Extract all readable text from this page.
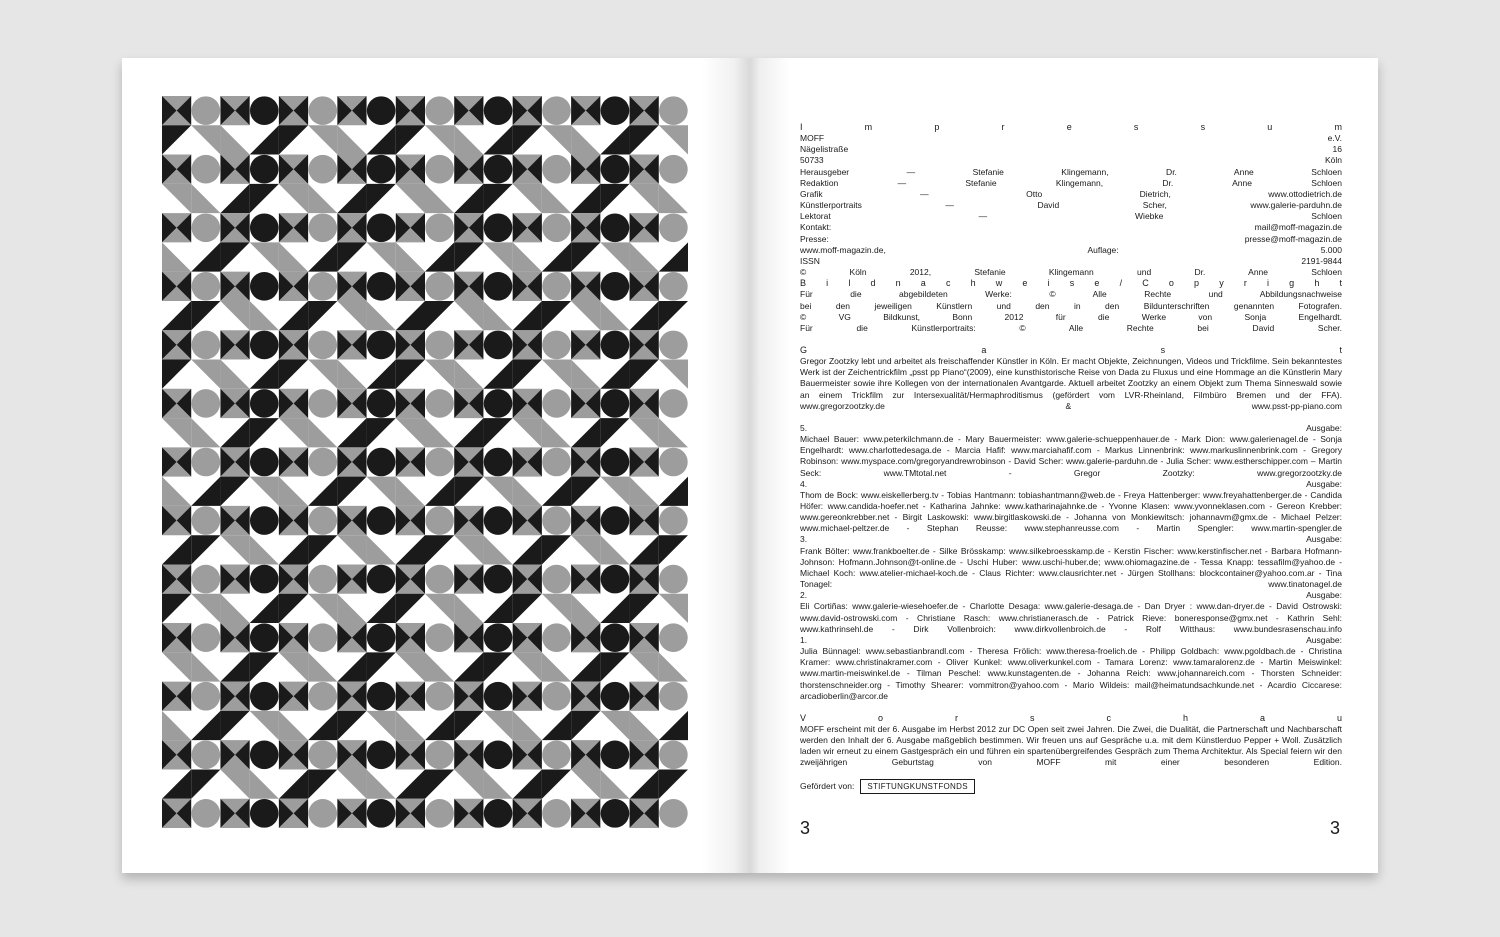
I m p r e s s u m
MOFF e.V.
Nägelistraße 16
50733 Köln
Herausgeber — Stefanie Klingemann, Dr. Anne Schloen
Redaktion — Stefanie Klingemann, Dr. Anne Schloen
Grafik — Otto Dietrich, www.ottodietrich.de
Künstlerportraits — David Scher, www.galerie-parduhn.de
Lektorat — Wiebke Schloen
Kontakt: mail@moff-magazin.de
Presse: presse@moff-magazin.de
www.moff-magazin.de, Auflage: 5.000
ISSN 2191-9844
© Köln 2012, Stefanie Klingemann und Dr. Anne Schloen
B i l d n a c h w e i s e / C o p y r i g h t
Für die abgebildeten Werke: © Alle Rechte und Abbildungsnachweise
bei den jeweiligen Künstlern und den in den Bildunterschriften genannten Fotografen.
© VG Bildkunst, Bonn 2012 für die Werke von Sonja Engelhardt.
Für die Künstlerportraits: © Alle Rechte bei David Scher.
G a s t
Gregor Zootzky lebt und arbeitet als freischaffender Künstler in Köln. Er macht Objekte, Zeichnungen, Videos und Trickfilme. Sein bekanntestes Werk ist der Zeichentrickfilm „psst pp Piano“(2009), eine kunsthistorische Reise von Dada zu Fluxus und eine Hommage an die Künstlerin Mary Bauermeister sowie ihre Kollegen von der internationalen Avantgarde. Aktuell arbeitet Zootzky an einem Objekt zum Thema Sinneswald sowie an einem Trickfilm zur Intersexualität/Hermaphroditismus (gefördert vom LVR-Rheinland, Filmbüro Bremen und der FFA).
www.gregorzootzky.de & www.psst-pp-piano.com
5.	Ausgabe:
Michael Bauer: www.peterkilchmann.de - Mary Bauermeister: www.galerie-schueppenhauer.de - Mark Dion: www.galerienagel.de - Sonja Engelhardt: www.charlottedesaga.de - Marcia Hafif: www.marciahafif.com - Markus Linnenbrink: www.markuslinnenbrink.com - Gregory Robinson: www.myspace.com/gregoryandrewrobinson - David Scher: www.galerie-parduhn.de - Julia Scher: www.estherschipper.com – Martin Seck: www.TMtotal.net - Gregor Zootzky: www.gregorzootzky.de
4.	Ausgabe:
Thom de Bock: www.eiskellerberg.tv - Tobias Hantmann: tobiashantmann@web.de - Freya Hattenberger: www.freyahattenberger.de - Candida Höfer: www.candida-hoefer.net - Katharina Jahnke: www.katharinajahnke.de - Yvonne Klasen: www.yvonneklasen.com - Gereon Krebber: www.gereonkrebber.net - Birgit Laskowski: www.birgitlaskowski.de - Johanna von Monkiewitsch: johannavm@gmx.de - Michael Pelzer: www.michael-peltzer.de - Stephan Reusse: www.stephanreusse.com - Martin Spengler: www.martin-spengler.de
3.	Ausgabe:
Frank Bölter: www.frankboelter.de - Silke Brösskamp: www.silkebroesskamp.de - Kerstin Fischer: www.kerstinfischer.net - Barbara Hofmann-Johnson: Hofmann.Johnson@t-online.de - Uschi Huber: www.uschi-huber.de; www.ohiomagazine.de - Tessa Knapp: tessafilm@yahoo.de - Michael Koch: www.atelier-michael-koch.de - Claus Richter: www.clausrichter.net - Jürgen Stollhans: blockcontainer@yahoo.com.ar - Tina Tonagel: www.tinatonagel.de
2.	Ausgabe:
Eli Cortiñas: www.galerie-wiesehoefer.de - Charlotte Desaga: www.galerie-desaga.de - Dan Dryer : www.dan-dryer.de - David Ostrowski: www.david-ostrowski.com - Christiane Rasch: www.christianerasch.de - Patrick Rieve: boneresponse@gmx.net - Kathrin Sehl: www.kathrinsehl.de - Dirk Vollenbroich: www.dirkvollenbroich.de - Rolf Witthaus: www.bundesrasenschau.info
1.	Ausgabe:
Julia Bünnagel: www.sebastianbrandl.com - Theresa Frölich: www.theresa-froelich.de - Philipp Goldbach: www.pgoldbach.de - Christina Kramer: www.christinakramer.com - Oliver Kunkel: www.oliverkunkel.com - Tamara Lorenz: www.tamaralorenz.de - Martin Meiswinkel: www.martin-meiswinkel.de - Tilman Peschel: www.kunstagenten.de - Johanna Reich: www.johannareich.com - Thorsten Schneider: thorstenschneider.org - Timothy Shearer: vommitron@yahoo.com - Mario Wildeis: mail@heimatundsachkunde.net - Acardio Ciccarese: arcadioberlin@arcor.de
V o r s c h a u
MOFF erscheint mit der 6. Ausgabe im Herbst 2012 zur DC Open seit zwei Jahren. Die Zwei, die Dualität, die Partnerschaft und Nachbarschaft werden den Inhalt der 6. Ausgabe maßgeblich bestimmen. Wir freuen uns auf Gespräche u.a. mit dem Künstlerduo Pepper + Woll. Zusätzlich laden wir erneut zu einem Gastgespräch ein und führen ein spartenübergreifendes Gespräch zum Thema Architektur. Als Special feiern wir den zweijährigen Geburtstag von MOFF mit einer besonderen Edition.
Gefördert von:	STIFTUNGKUNSTFONDS
3	3
